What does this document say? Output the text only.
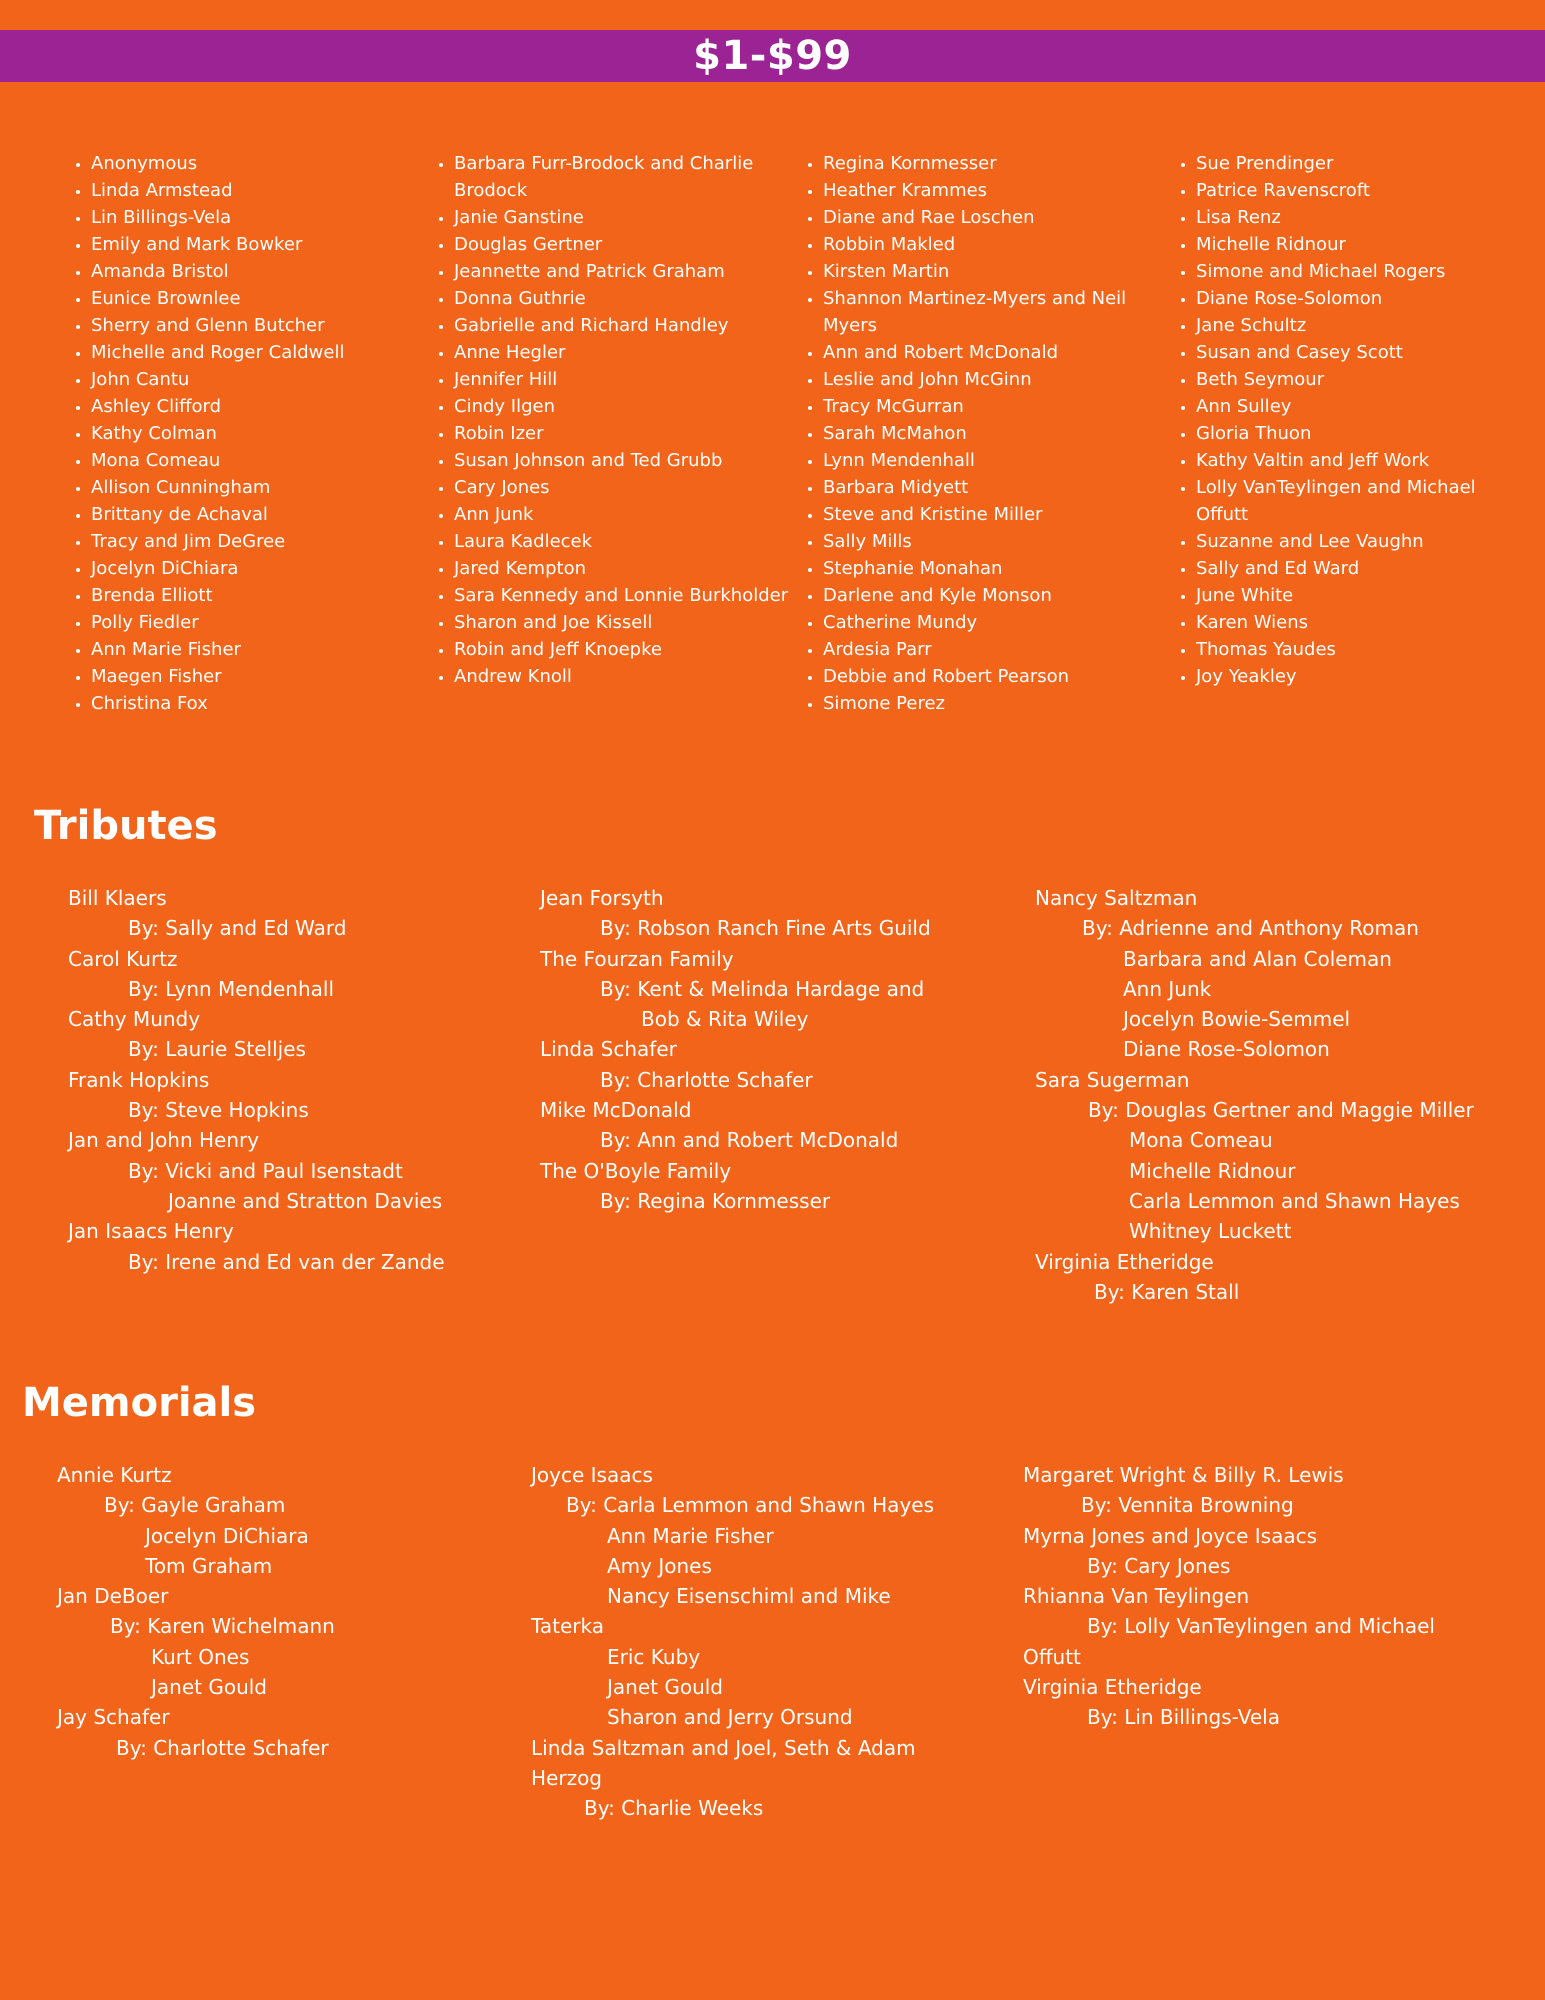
$1-$99
• Anonymous
• Linda Armstead
• Lin Billings-Vela
• Emily and Mark Bowker
• Amanda Bristol
• Eunice Brownlee
• Sherry and Glenn Butcher
• Michelle and Roger Caldwell
• John Cantu
• Ashley Clifford
• Kathy Colman
• Mona Comeau
• Allison Cunningham
• Brittany de Achaval
• Tracy and Jim DeGree
• Jocelyn DiChiara
• Brenda Elliott
• Polly Fiedler
• Ann Marie Fisher
• Maegen Fisher
• Christina Fox
• Barbara Furr-Brodock and Charlie Brodock
• Janie Ganstine
• Douglas Gertner
• Jeannette and Patrick Graham
• Donna Guthrie
• Gabrielle and Richard Handley
• Anne Hegler
• Jennifer Hill
• Cindy Ilgen
• Robin Izer
• Susan Johnson and Ted Grubb
• Cary Jones
• Ann Junk
• Laura Kadlecek
• Jared Kempton
• Sara Kennedy and Lonnie Burkholder
• Sharon and Joe Kissell
• Robin and Jeff Knoepke
• Andrew Knoll
• Regina Kornmesser
• Heather Krammes
• Diane and Rae Loschen
• Robbin Makled
• Kirsten Martin
• Shannon Martinez-Myers and Neil Myers
• Ann and Robert McDonald
• Leslie and John McGinn
• Tracy McGurran
• Sarah McMahon
• Lynn Mendenhall
• Barbara Midyett
• Steve and Kristine Miller
• Sally Mills
• Stephanie Monahan
• Darlene and Kyle Monson
• Catherine Mundy
• Ardesia Parr
• Debbie and Robert Pearson
• Simone Perez
• Sue Prendinger
• Patrice Ravenscroft
• Lisa Renz
• Michelle Ridnour
• Simone and Michael Rogers
• Diane Rose-Solomon
• Jane Schultz
• Susan and Casey Scott
• Beth Seymour
• Ann Sulley
• Gloria Thuon
• Kathy Valtin and Jeff Work
• Lolly VanTeylingen and Michael Offutt
• Suzanne and Lee Vaughn
• Sally and Ed Ward
• June White
• Karen Wiens
• Thomas Yaudes
• Joy Yeakley
Tributes
Bill Klaers
By: Sally and Ed Ward
Carol Kurtz
By: Lynn Mendenhall
Cathy Mundy
By: Laurie Stelljes
Frank Hopkins
By: Steve Hopkins
Jan and John Henry
By: Vicki and Paul Isenstadt
Joanne and Stratton Davies
Jan Isaacs Henry
By: Irene and Ed van der Zande
Jean Forsyth
By: Robson Ranch Fine Arts Guild
The Fourzan Family
By: Kent & Melinda Hardage and
Bob & Rita Wiley
Linda Schafer
By: Charlotte Schafer
Mike McDonald
By: Ann and Robert McDonald
The O'Boyle Family
By: Regina Kornmesser
Nancy Saltzman
By: Adrienne and Anthony Roman
Barbara and Alan Coleman
Ann Junk
Jocelyn Bowie-Semmel
Diane Rose-Solomon
Sara Sugerman
By: Douglas Gertner and Maggie Miller
Mona Comeau
Michelle Ridnour
Carla Lemmon and Shawn Hayes
Whitney Luckett
Virginia Etheridge
By: Karen Stall
Memorials
Annie Kurtz
By: Gayle Graham
Jocelyn DiChiara
Tom Graham
Jan DeBoer
By: Karen Wichelmann
Kurt Ones
Janet Gould
Jay Schafer
By: Charlotte Schafer
Joyce Isaacs
By: Carla Lemmon and Shawn Hayes
Ann Marie Fisher
Amy Jones
Nancy Eisenschiml and Mike
Taterka
Eric Kuby
Janet Gould
Sharon and Jerry Orsund
Linda Saltzman and Joel, Seth & Adam
Herzog
By: Charlie Weeks
Margaret Wright & Billy R. Lewis
By: Vennita Browning
Myrna Jones and Joyce Isaacs
By: Cary Jones
Rhianna Van Teylingen
By: Lolly VanTeylingen and Michael
Offutt
Virginia Etheridge
By: Lin Billings-Vela
